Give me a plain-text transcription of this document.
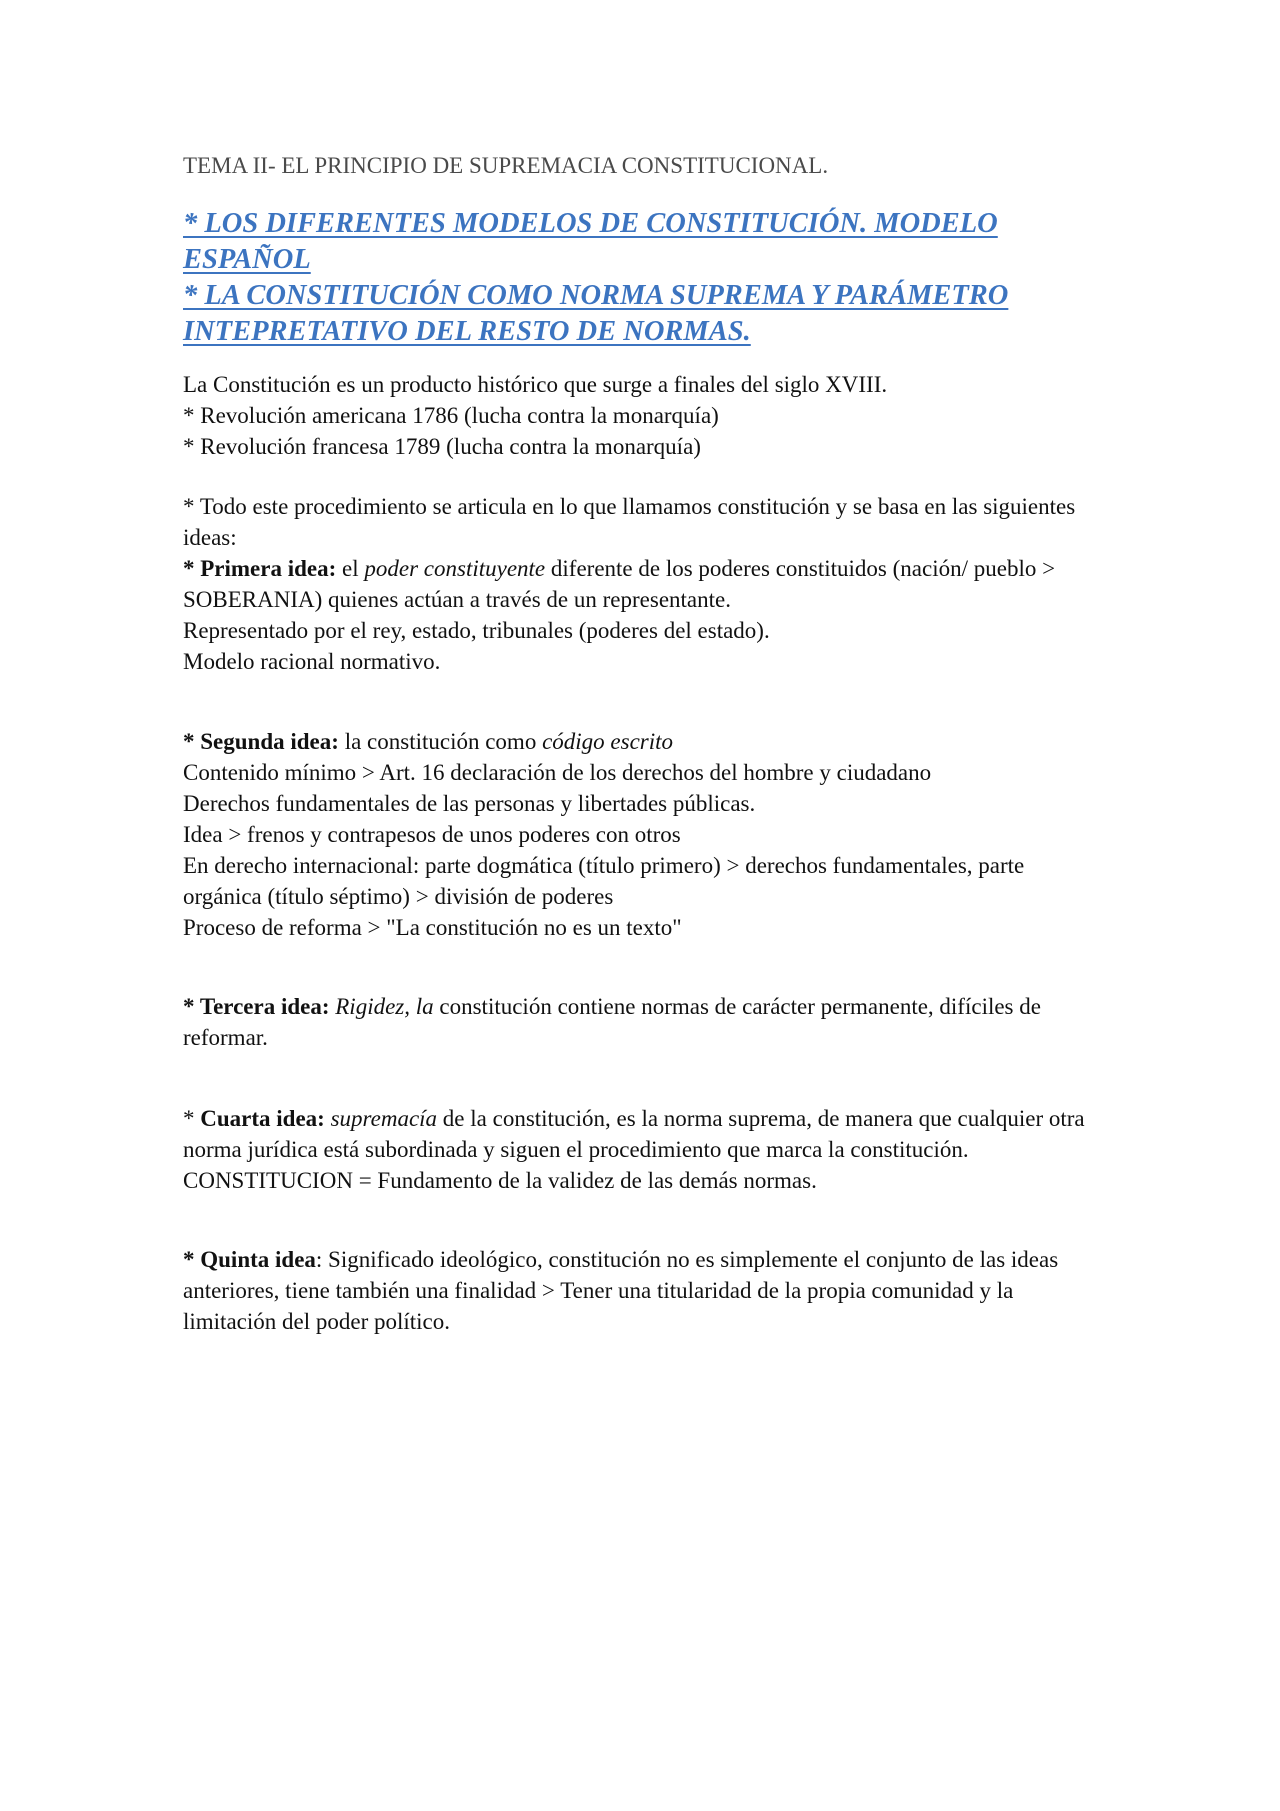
TEMA II- EL PRINCIPIO DE SUPREMACIA CONSTITUCIONAL.
* LOS DIFERENTES MODELOS DE CONSTITUCIÓN. MODELO ESPAÑOL
* LA CONSTITUCIÓN COMO NORMA SUPREMA Y PARÁMETRO INTEPRETATIVO DEL RESTO DE NORMAS.

La Constitución es un producto histórico que surge a finales del siglo XVIII.

* Revolución americana 1786 (lucha contra la monarquía)

* Revolución francesa 1789 (lucha contra la monarquía)

* Todo este procedimiento se articula en lo que llamamos constitución y se basa en las siguientes ideas:

* Primera idea: el poder constituyente diferente de los poderes constituidos (nación/ pueblo > SOBERANIA) quienes actúan a través de un representante.

Representado por el rey, estado, tribunales (poderes del estado).

Modelo racional normativo.

* Segunda idea: la constitución como código escrito

Contenido mínimo > Art. 16 declaración de los derechos del hombre y ciudadano

Derechos fundamentales de las personas y libertades públicas.

Idea > frenos y contrapesos de unos poderes con otros

En derecho internacional: parte dogmática (título primero) > derechos fundamentales, parte orgánica (título séptimo) > división de poderes

Proceso de reforma > "La constitución no es un texto"

* Tercera idea: Rigidez, la constitución contiene normas de carácter permanente, difíciles de reformar.

* Cuarta idea: supremacía de la constitución, es la norma suprema, de manera que cualquier otra norma jurídica está subordinada y siguen el procedimiento que marca la constitución.

CONSTITUCION = Fundamento de la validez de las demás normas.

* Quinta idea: Significado ideológico, constitución no es simplemente el conjunto de las ideas anteriores, tiene también una finalidad > Tener una titularidad de la propia comunidad y la limitación del poder político.
